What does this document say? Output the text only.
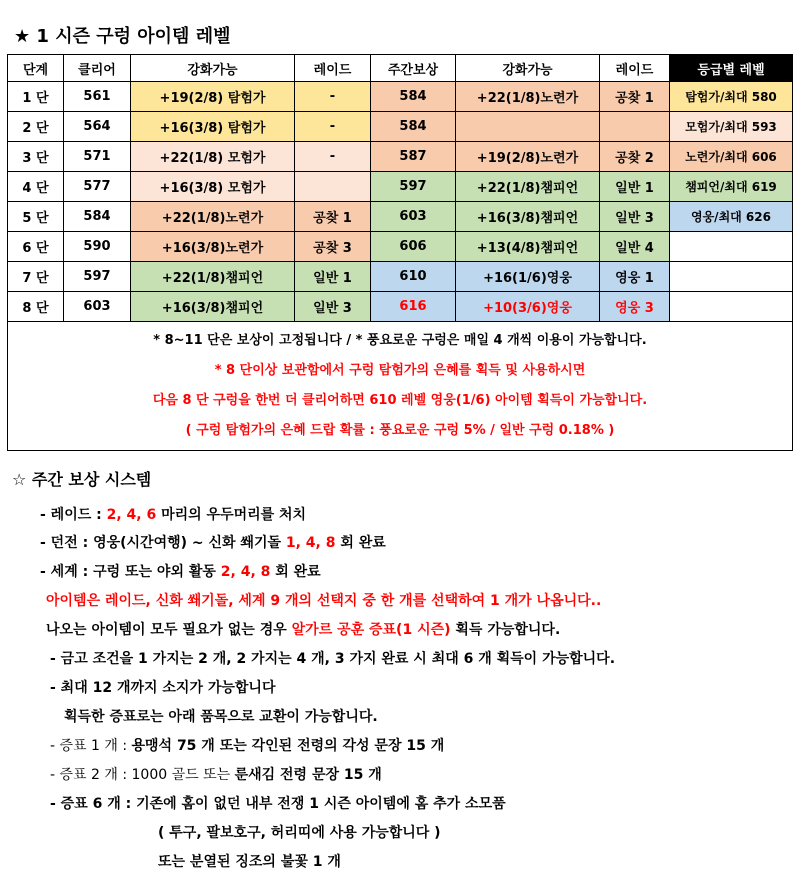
★ 1 시즌 구렁 아이템 레벨
단계	클리어	강화가능	레이드	주간보상	강화가능	레이드	등급별 레벨
1 단	561	+19(2/8) 탐험가	-	584	+22(1/8)노련가	공찾 1	탐험가/최대 580
2 단	564	+16(3/8) 탐험가	-	584			모험가/최대 593
3 단	571	+22(1/8) 모험가	-	587	+19(2/8)노련가	공찾 2	노련가/최대 606
4 단	577	+16(3/8) 모험가		597	+22(1/8)챔피언	일반 1	챔피언/최대 619
5 단	584	+22(1/8)노련가	공찾 1	603	+16(3/8)챔피언	일반 3	영웅/최대 626
6 단	590	+16(3/8)노련가	공찾 3	606	+13(4/8)챔피언	일반 4	
7 단	597	+22(1/8)챔피언	일반 1	610	+16(1/6)영웅	영웅 1	
8 단	603	+16(3/8)챔피언	일반 3	616	+10(3/6)영웅	영웅 3	

* 8~11 단은 보상이 고정됩니다 / * 풍요로운 구렁은 매일 4 개씩 이용이 가능합니다.
* 8 단이상 보관함에서 구렁 탐험가의 은혜를 획득 및 사용하시면
다음 8 단 구렁을 한번 더 클리어하면 610 레벨 영웅(1/6) 아이템 획득이 가능합니다.
( 구렁 탐험가의 은혜 드랍 확률 : 풍요로운 구렁 5% / 일반 구렁 0.18% )							
☆ 주간 보상 시스템
- 레이드 : 2, 4, 6 마리의 우두머리를 처치
- 던전 : 영웅(시간여행) ~ 신화 쐐기돌 1, 4, 8 회 완료
- 세계 : 구렁 또는 야외 활동 2, 4, 8 회 완료
아이템은 레이드, 신화 쐐기돌, 세계 9 개의 선택지 중 한 개를 선택하여 1 개가 나옵니다..
나오는 아이템이 모두 필요가 없는 경우 알가르 공훈 증표(1 시즌) 획득 가능합니다.
- 금고 조건을 1 가지는 2 개, 2 가지는 4 개, 3 가지 완료 시 최대 6 개 획득이 가능합니다.
- 최대 12 개까지 소지가 가능합니다
획득한 증표로는 아래 품목으로 교환이 가능합니다.
- 증표 1 개 : 용맹석 75 개 또는 각인된 전령의 각성 문장 15 개
- 증표 2 개 : 1000 골드 또는 룬새김 전령 문장 15 개
- 증표 6 개 : 기존에 홈이 없던 내부 전쟁 1 시즌 아이템에 홈 추가 소모품
( 투구, 팔보호구, 허리띠에 사용 가능합니다 )
또는 분열된 징조의 불꽃 1 개
